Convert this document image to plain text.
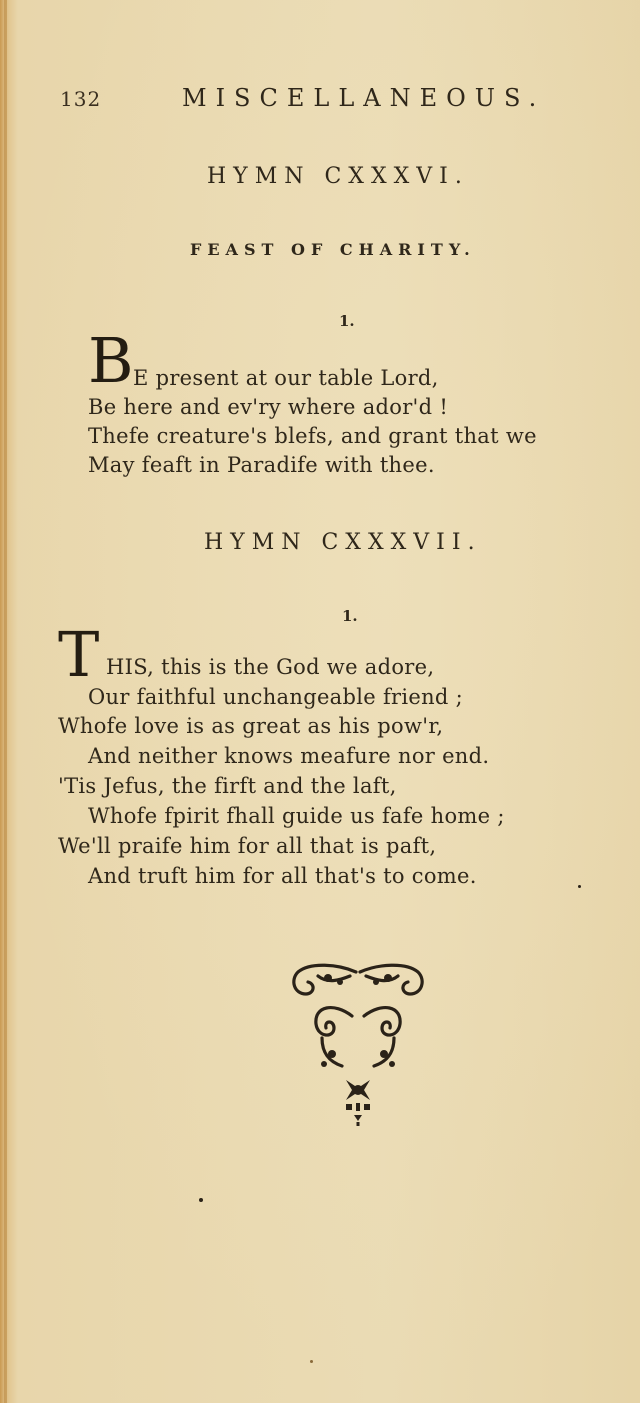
132	MISCELLANEOUS.
HYMN CXXXVI.
FEAST OF CHARITY.
1.
B E present at our table Lord,
Be here and ev'ry where ador'd !
Thefe creature's blefs, and grant that we
May feaft in Paradife with thee.
HYMN CXXXVII.
1.
T HIS, this is the God we adore,
Our faithful unchangeable friend ;
Whofe love is as great as his pow'r,
And neither knows meafure nor end.
'Tis Jefus, the firft and the laft,
Whofe fpirit fhall guide us fafe home ;
We'll praife him for all that is paft,
And truft him for all that's to come.
